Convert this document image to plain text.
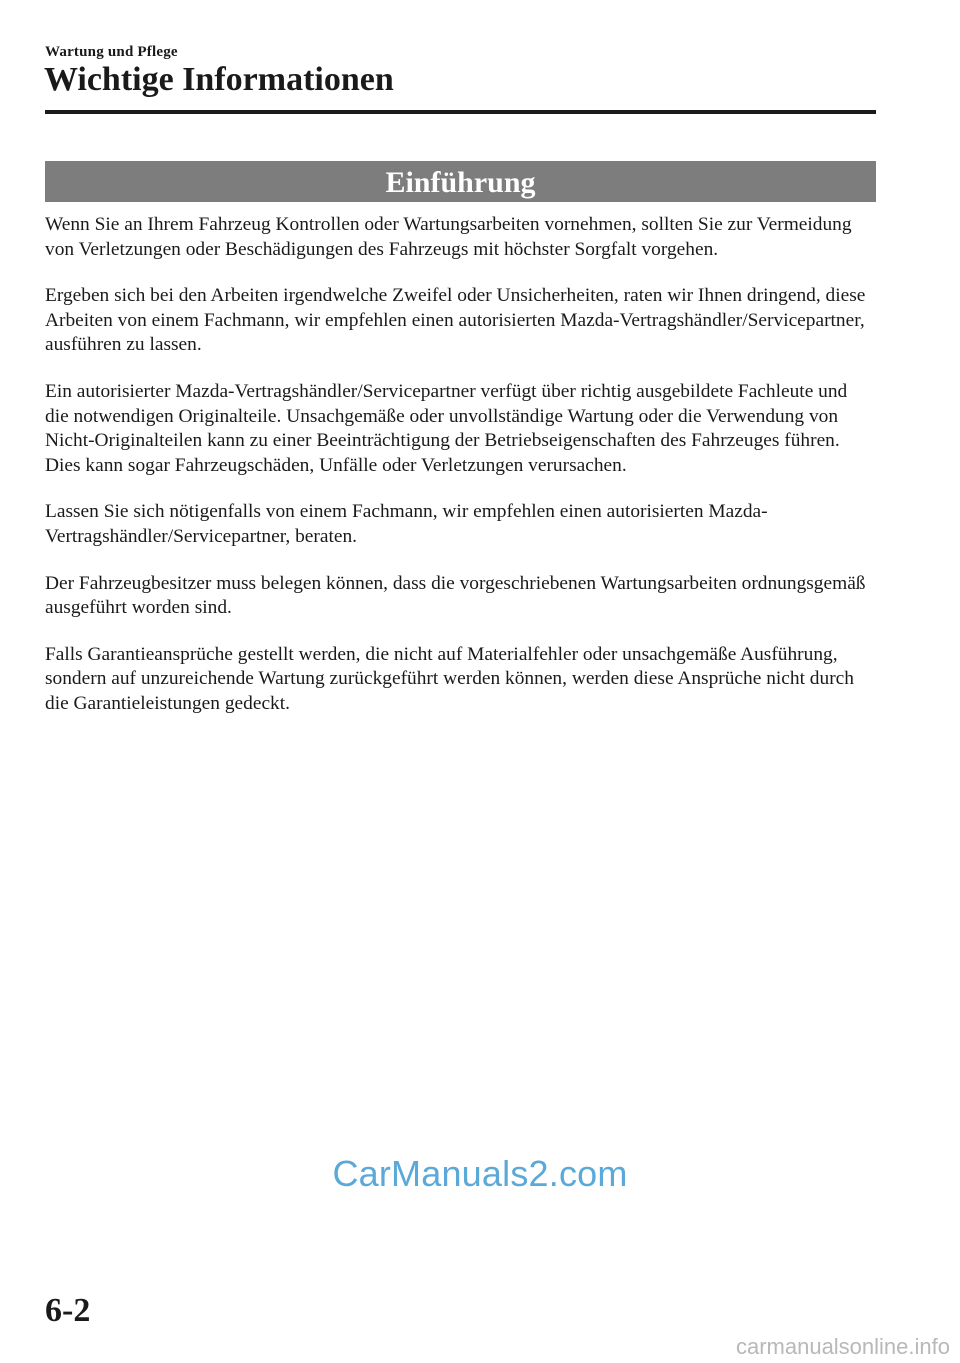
Wartung und Pflege
Wichtige Informationen
Einführung

Wenn Sie an Ihrem Fahrzeug Kontrollen oder Wartungsarbeiten vornehmen, sollten Sie zur Vermeidung von Verletzungen oder Beschädigungen des Fahrzeugs mit höchster Sorgfalt vorgehen.

Ergeben sich bei den Arbeiten irgendwelche Zweifel oder Unsicherheiten, raten wir Ihnen dringend, diese Arbeiten von einem Fachmann, wir empfehlen einen autorisierten Mazda-Vertragshändler/Servicepartner, ausführen zu lassen.

Ein autorisierter Mazda-Vertragshändler/Servicepartner verfügt über richtig ausgebildete Fachleute und die notwendigen Originalteile. Unsachgemäße oder unvollständige Wartung oder die Verwendung von Nicht-Originalteilen kann zu einer Beeinträchtigung der Betriebseigenschaften des Fahrzeuges führen. Dies kann sogar Fahrzeugschäden, Unfälle oder Verletzungen verursachen.

Lassen Sie sich nötigenfalls von einem Fachmann, wir empfehlen einen autorisierten Mazda-Vertragshändler/Servicepartner, beraten.

Der Fahrzeugbesitzer muss belegen können, dass die vorgeschriebenen Wartungsarbeiten ordnungsgemäß ausgeführt worden sind.

Falls Garantieansprüche gestellt werden, die nicht auf Materialfehler oder unsachgemäße Ausführung, sondern auf unzureichende Wartung zurückgeführt werden können, werden diese Ansprüche nicht durch die Garantieleistungen gedeckt.

CarManuals2.com
6-2
carmanualsonline.info
